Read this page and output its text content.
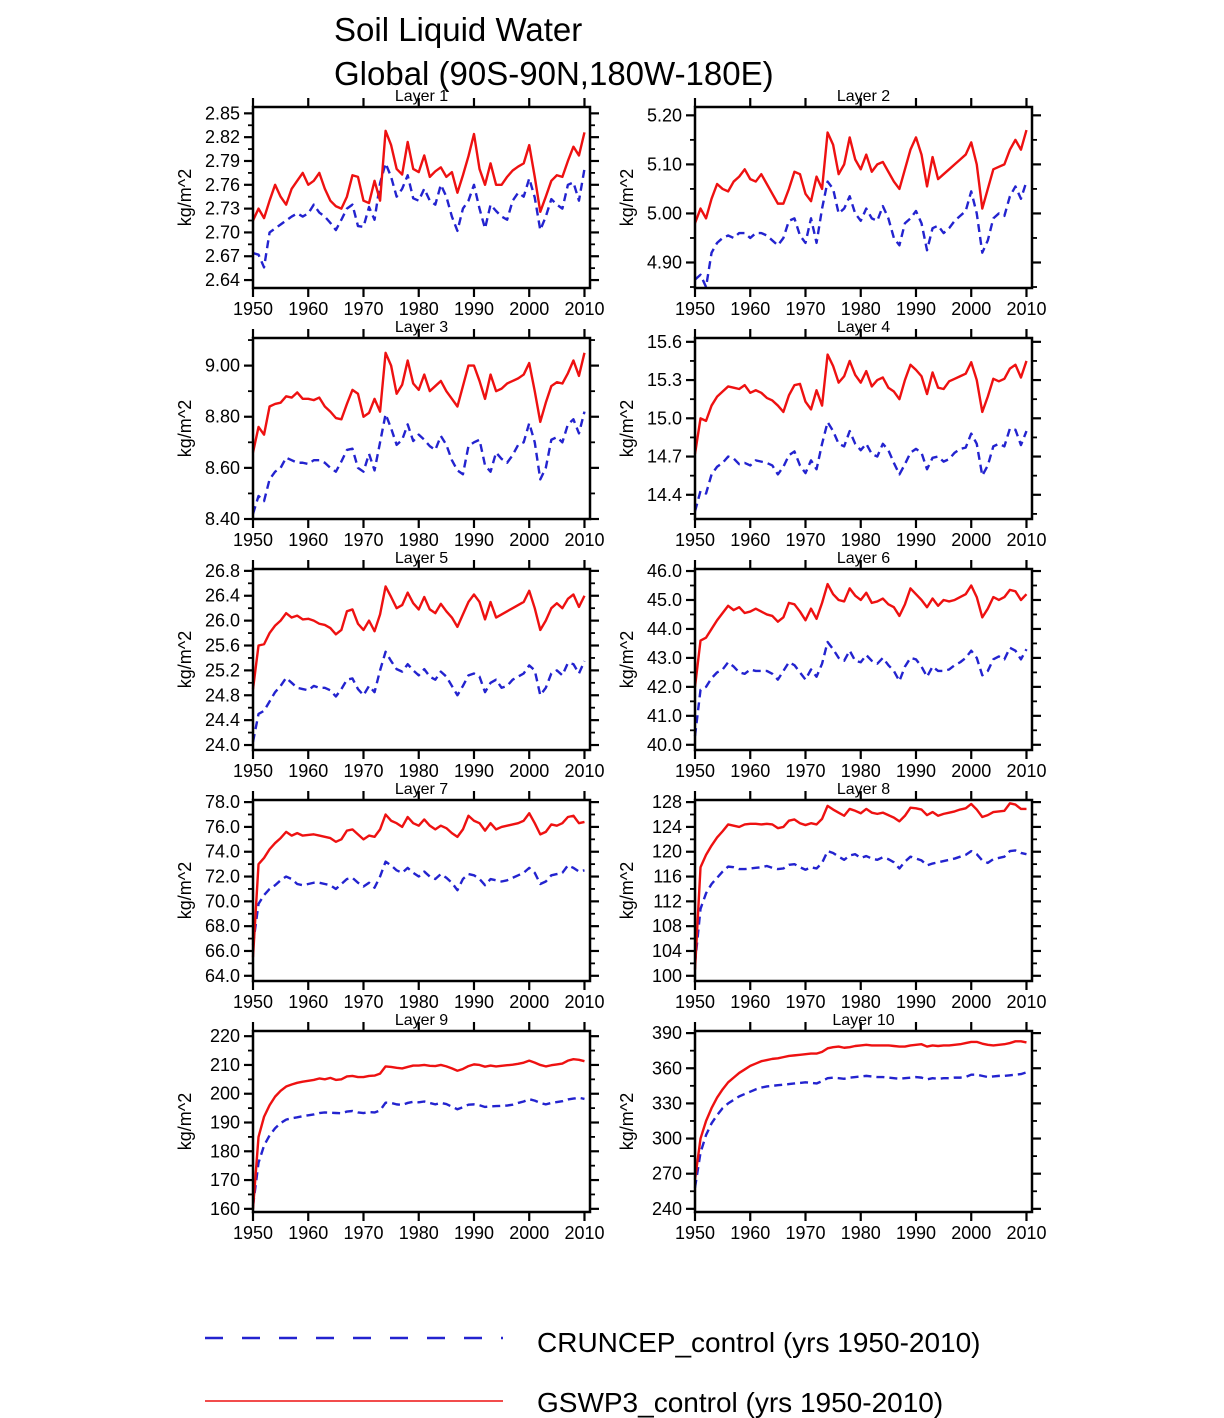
Soil Liquid Water
Global (90S-90N,180W-180E)
1950 1960 1970 1980 1990 2000 2010
2.64
2.67
2.70
2.73
2.76
2.79
2.82
2.85
Layer 1
kg/m^2
1950 1960 1970 1980 1990 2000 2010
4.90
5.00
5.10
5.20
Layer 2
kg/m^2
1950 1960 1970 1980 1990 2000 2010
8.40
8.60
8.80
9.00
Layer 3
kg/m^2
1950 1960 1970 1980 1990 2000 2010
14.4
14.7
15.0
15.3
15.6
Layer 4
kg/m^2
1950 1960 1970 1980 1990 2000 2010
24.0
24.4
24.8
25.2
25.6
26.0
26.4
26.8
Layer 5
kg/m^2
1950 1960 1970 1980 1990 2000 2010
40.0
41.0
42.0
43.0
44.0
45.0
46.0
Layer 6
kg/m^2
1950 1960 1970 1980 1990 2000 2010
64.0
66.0
68.0
70.0
72.0
74.0
76.0
78.0
Layer 7
kg/m^2
1950 1960 1970 1980 1990 2000 2010
100
104
108
112
116
120
124
128
Layer 8
kg/m^2
1950 1960 1970 1980 1990 2000 2010
160
170
180
190
200
210
220
Layer 9
kg/m^2
1950 1960 1970 1980 1990 2000 2010
240
270
300
330
360
390
Layer 10
kg/m^2
CRUNCEP_control (yrs 1950-2010)
GSWP3_control (yrs 1950-2010)
